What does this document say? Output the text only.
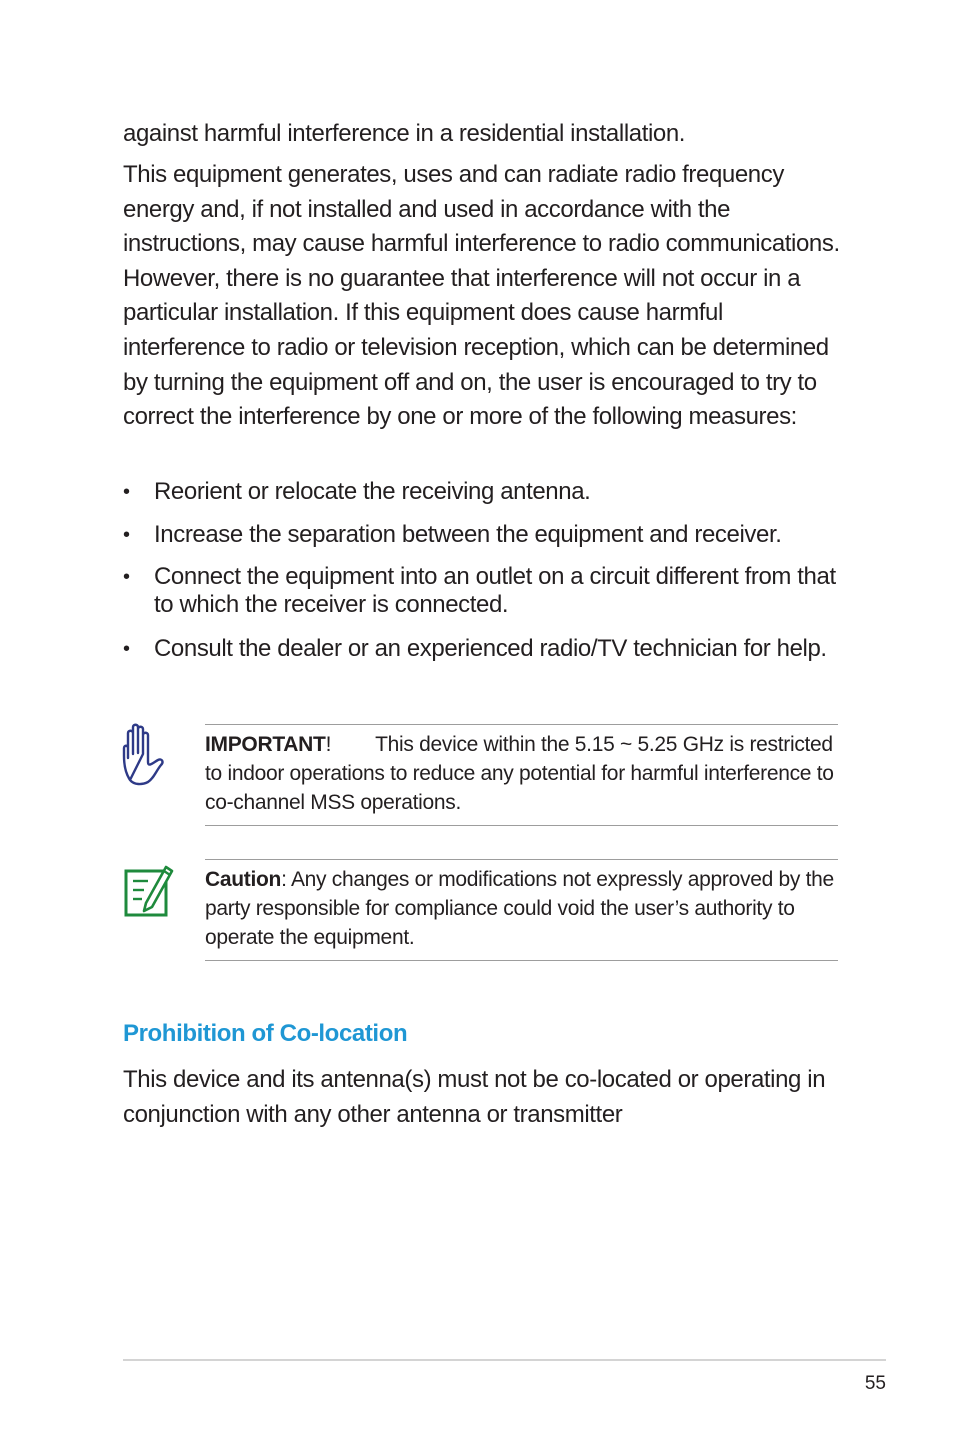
against harmful interference in a residential installation.

This equipment generates, uses and can radiate radio frequency energy and, if not installed and used in accordance with the instructions, may cause harmful interference to radio communications. However, there is no guarantee that interference will not occur in a particular installation. If this equipment does cause harmful interference to radio or television reception, which can be determined by turning the equipment off and on, the user is encouraged to try to correct the interference by one or more of the following measures:

• Reorient or relocate the receiving antenna.
• Increase the separation between the equipment and receiver.
• Connect the equipment into an outlet on a circuit different from that to which the receiver is connected.
• Consult the dealer or an experienced radio/TV technician for help.
IMPORTANT! This device within the 5.15 ~ 5.25 GHz is restricted to indoor operations to reduce any potential for harmful interference to co-channel MSS operations.
Caution: Any changes or modifications not expressly approved by the party responsible for compliance could void the user’s authority to operate the equipment.
Prohibition of Co-location

This device and its antenna(s) must not be co-located or operating in conjunction with any other antenna or transmitter

55
